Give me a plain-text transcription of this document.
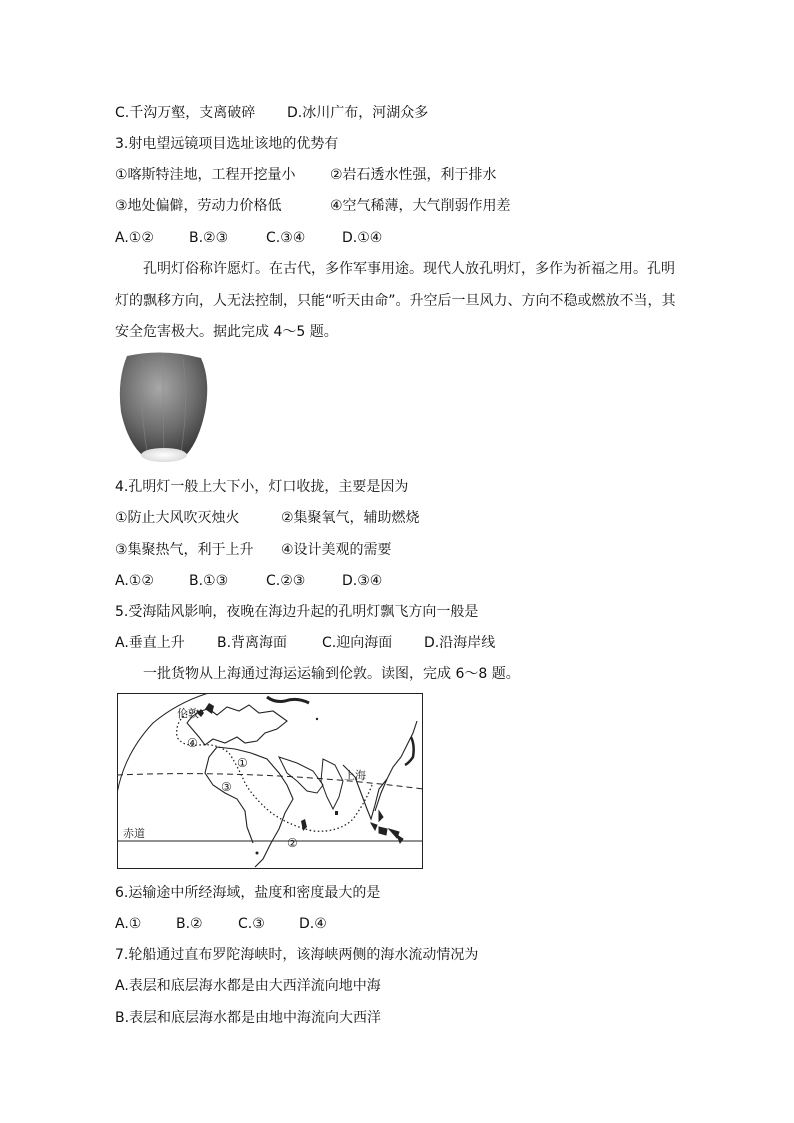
C.千沟万壑，支离破碎 D.冰川广布，河湖众多
3.射电望远镜项目选址该地的优势有
①喀斯特洼地，工程开挖量小 ②岩石透水性强，利于排水
③地处偏僻，劳动力价格低	④空气稀薄，大气削弱作用差
A.①②	B.②③	C.③④	D.①④

孔明灯俗称许愿灯。在古代，多作军事用途。现代人放孔明灯，多作为祈福之用。孔明灯的飘移方向，人无法控制，只能“听天由命”。升空后一旦风力、方向不稳或燃放不当，其安全危害极大。据此完成 4～5 题。

4.孔明灯一般上大下小，灯口收拢，主要是因为
①防止大风吹灭烛火	②集聚氧气，辅助燃烧
③集聚热气，利于上升 ④设计美观的需要
A.①②	B.①③	C.②③	D.③④
5.受海陆风影响，夜晚在海边升起的孔明灯飘飞方向一般是
A.垂直上升 B.背离海面 C.迎向海面 D.沿海岸线
一批货物从上海通过海运运输到伦敦。读图，完成 6～8 题。
伦敦
上海
赤道
①
③
④
②
6.运输途中所经海域，盐度和密度最大的是
A.① B.②	C.③ D.④
7.轮船通过直布罗陀海峡时，该海峡两侧的海水流动情况为
A.表层和底层海水都是由大西洋流向地中海
B.表层和底层海水都是由地中海流向大西洋
